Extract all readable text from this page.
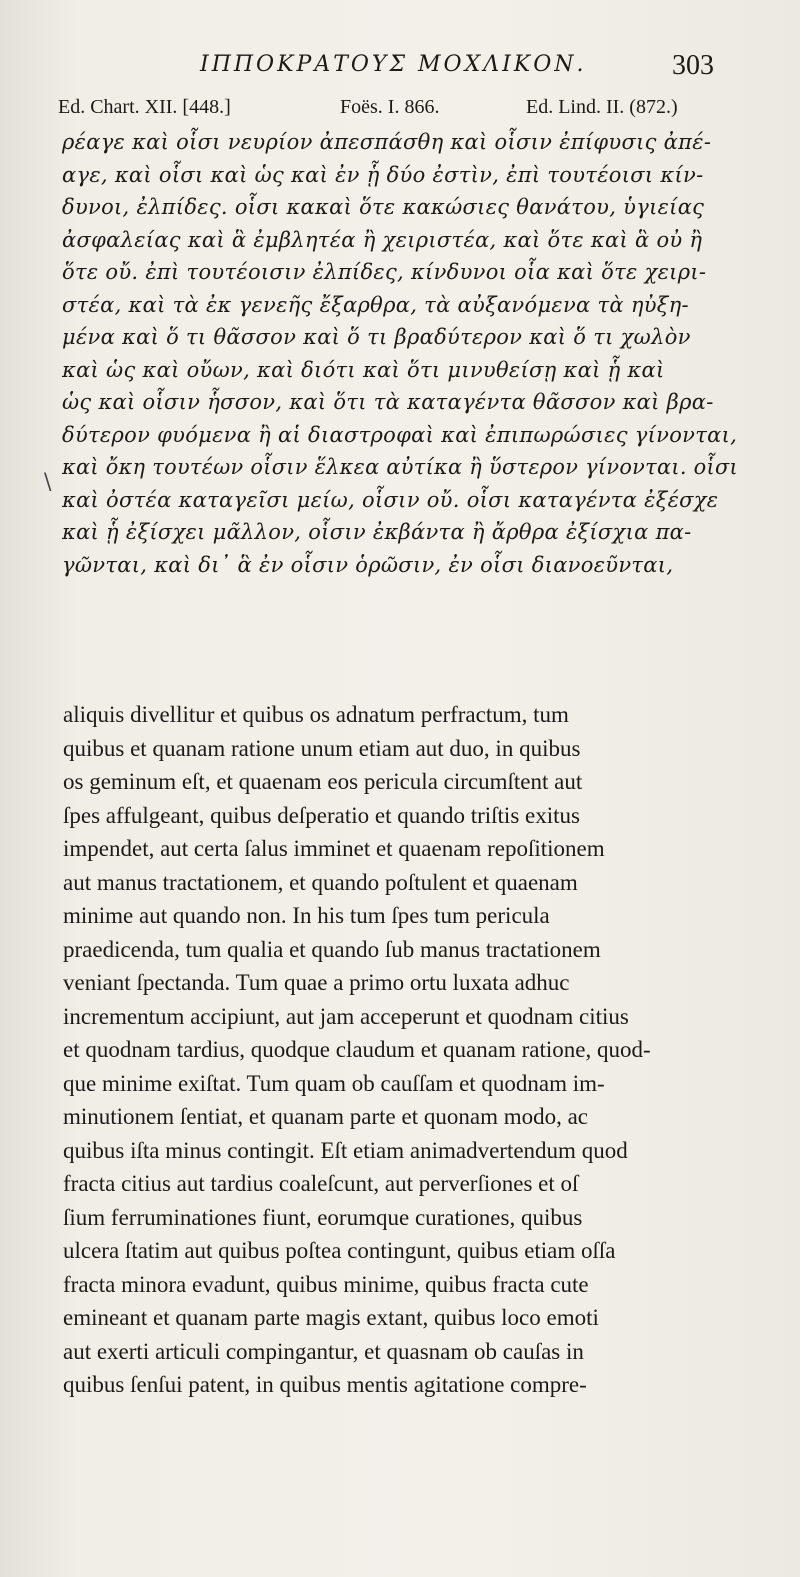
ΙΠΠΟΚΡΑΤΟΥΣ ΜΟΧΛΙΚΟΝ.	303
Ed. Chart. XII. [448.]	Foës. I. 866.	Ed. Lind. II. (872.)
\
ρέαγε καὶ οἷσι νευρίον ἀπεσπάσθη καὶ οἷσιν ἐπίφυσις ἀπέ-
αγε, καὶ οἷσι καὶ ὡς καὶ ἐν ᾗ δύο ἐστὶν, ἐπὶ τουτέοισι κίν-
δυνοι, ἐλπίδες. οἷσι κακαὶ ὅτε κακώσιες θανάτου, ὑγιείας
ἀσφαλείας καὶ ἃ ἐμβλητέα ἢ χειριστέα, καὶ ὅτε καὶ ἃ οὐ ἢ
ὅτε οὔ. ἐπὶ τουτέοισιν ἐλπίδες, κίνδυνοι οἷα καὶ ὅτε χειρι-
στέα, καὶ τὰ ἐκ γενεῆς ἔξαρθρα, τὰ αὐξανόμενα τὰ ηὐξη-
μένα καὶ ὅ τι θᾶσσον καὶ ὅ τι βραδύτερον καὶ ὅ τι χωλὸν
καὶ ὡς καὶ οὔων, καὶ διότι καὶ ὅτι μινυθείσῃ καὶ ᾗ καὶ
ὡς καὶ οἷσιν ἧσσον, καὶ ὅτι τὰ καταγέντα θᾶσσον καὶ βρα-
δύτερον φυόμενα ἢ αἱ διαστροφαὶ καὶ ἐπιπωρώσιες γίνονται,
καὶ ὄκη τουτέων οἷσιν ἕλκεα αὐτίκα ἢ ὕστερον γίνονται. οἷσι
καὶ ὀστέα καταγεῖσι μείω, οἷσιν οὔ. οἷσι καταγέντα ἐξέσχε
καὶ ᾗ ἐξίσχει μᾶλλον, οἷσιν ἐκβάντα ἢ ἄρθρα ἐξίσχια πα-
γῶνται, καὶ δι᾽ ἃ ἐν οἷσιν ὁρῶσιν, ἐν οἷσι διανοεῦνται,
aliquis divellitur et quibus os adnatum perfractum, tum
quibus et quanam ratione unum etiam aut duo, in quibus
os geminum eſt, et quaenam eos pericula circumſtent aut
ſpes affulgeant, quibus deſperatio et quando triſtis exitus
impendet, aut certa ſalus imminet et quaenam repoſitionem
aut manus tractationem, et quando poſtulent et quaenam
minime aut quando non. In his tum ſpes tum pericula
praedicenda, tum qualia et quando ſub manus tractationem
veniant ſpectanda. Tum quae a primo ortu luxata adhuc
incrementum accipiunt, aut jam acceperunt et quodnam citius
et quodnam tardius, quodque claudum et quanam ratione, quod-
que minime exiſtat. Tum quam ob cauſſam et quodnam im-
minutionem ſentiat, et quanam parte et quonam modo, ac
quibus iſta minus contingit. Eſt etiam animadvertendum quod
fracta citius aut tardius coaleſcunt, aut perverſiones et oſ
ſium ferruminationes fiunt, eorumque curationes, quibus
ulcera ſtatim aut quibus poſtea contingunt, quibus etiam oſſa
fracta minora evadunt, quibus minime, quibus fracta cute
emineant et quanam parte magis extant, quibus loco emoti
aut exerti articuli compingantur, et quasnam ob cauſas in
quibus ſenſui patent, in quibus mentis agitatione compre-
